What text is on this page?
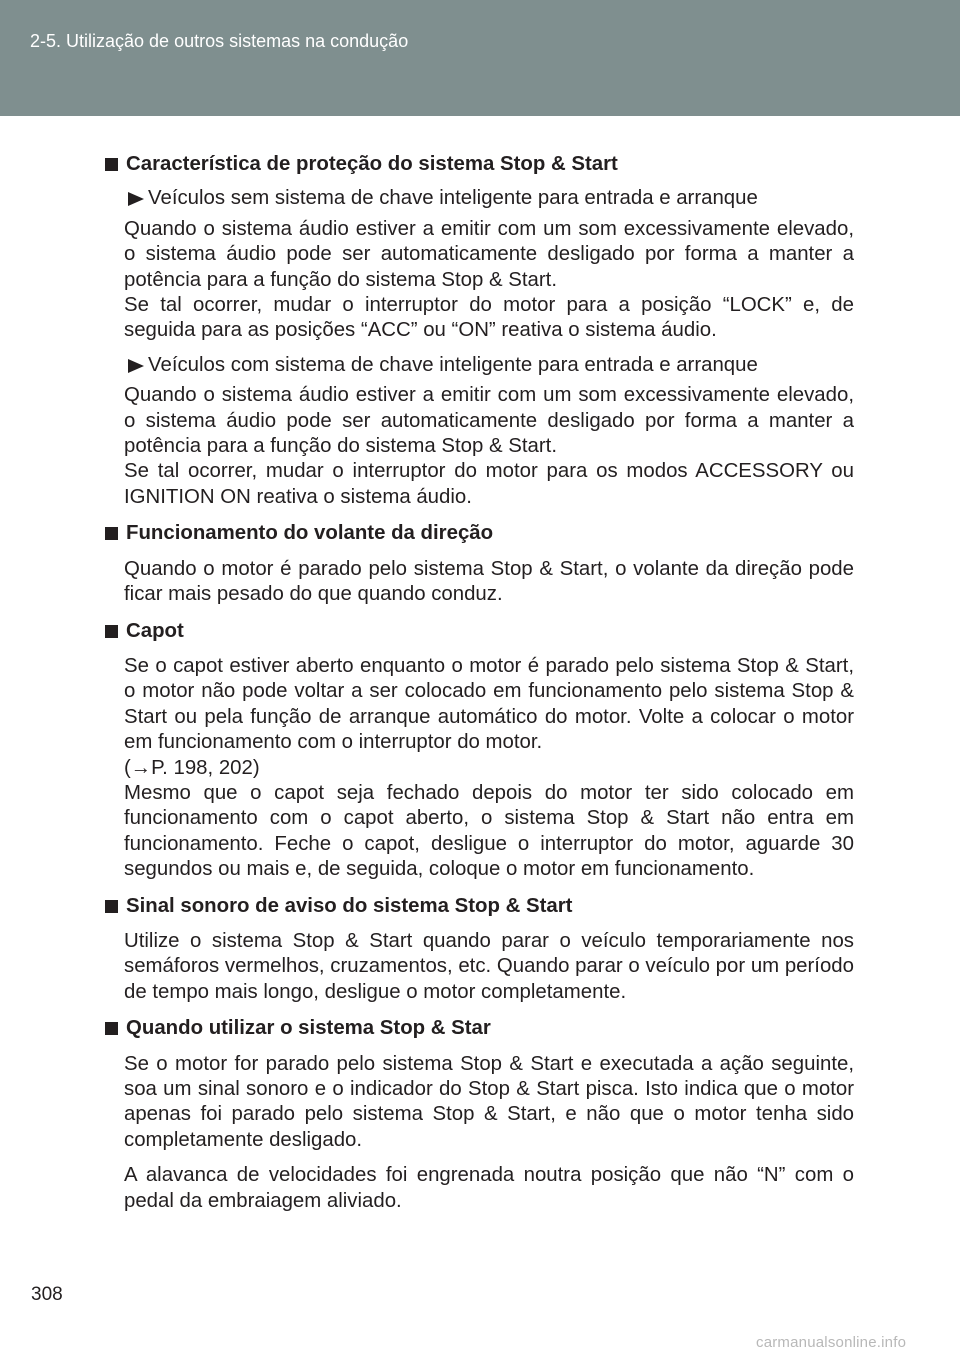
2-5. Utilização de outros sistemas na condução

Característica de proteção do sistema Stop & Start

Veículos sem sistema de chave inteligente para entrada e arranque

Quando o sistema áudio estiver a emitir com um som excessivamente elevado, o sistema áudio pode ser automaticamente desligado por forma a manter a potência para a função do sistema Stop & Start.

Se tal ocorrer, mudar o interruptor do motor para a posição “LOCK” e, de seguida para as posições “ACC” ou “ON” reativa o sistema áudio.

Veículos com sistema de chave inteligente para entrada e arranque

Quando o sistema áudio estiver a emitir com um som excessivamente elevado, o sistema áudio pode ser automaticamente desligado por forma a manter a potência para a função do sistema Stop & Start.

Se tal ocorrer, mudar o interruptor do motor para os modos ACCESSORY ou IGNITION ON reativa o sistema áudio.

Funcionamento do volante da direção

Quando o motor é parado pelo sistema Stop & Start, o volante da direção pode ficar mais pesado do que quando conduz.

Capot

Se o capot estiver aberto enquanto o motor é parado pelo sistema Stop & Start, o motor não pode voltar a ser colocado em funcionamento pelo sistema Stop & Start ou pela função de arranque automático do motor. Volte a colocar o motor em funcionamento com o interruptor do motor.

(→P. 198, 202)

Mesmo que o capot seja fechado depois do motor ter sido colocado em funcionamento com o capot aberto, o sistema Stop & Start não entra em funcionamento. Feche o capot, desligue o interruptor do motor, aguarde 30 segundos ou mais e, de seguida, coloque o motor em funcionamento.

Sinal sonoro de aviso do sistema Stop & Start

Utilize o sistema Stop & Start quando parar o veículo temporariamente nos semáforos vermelhos, cruzamentos, etc. Quando parar o veículo por um período de tempo mais longo, desligue o motor completamente.

Quando utilizar o sistema Stop & Star

Se o motor for parado pelo sistema Stop & Start e executada a ação seguinte, soa um sinal sonoro e o indicador do Stop & Start pisca. Isto indica que o motor apenas foi parado pelo sistema Stop & Start, e não que o motor tenha sido completamente desligado.

A alavanca de velocidades foi engrenada noutra posição que não “N” com o pedal da embraiagem aliviado.

308
carmanualsonline.info
